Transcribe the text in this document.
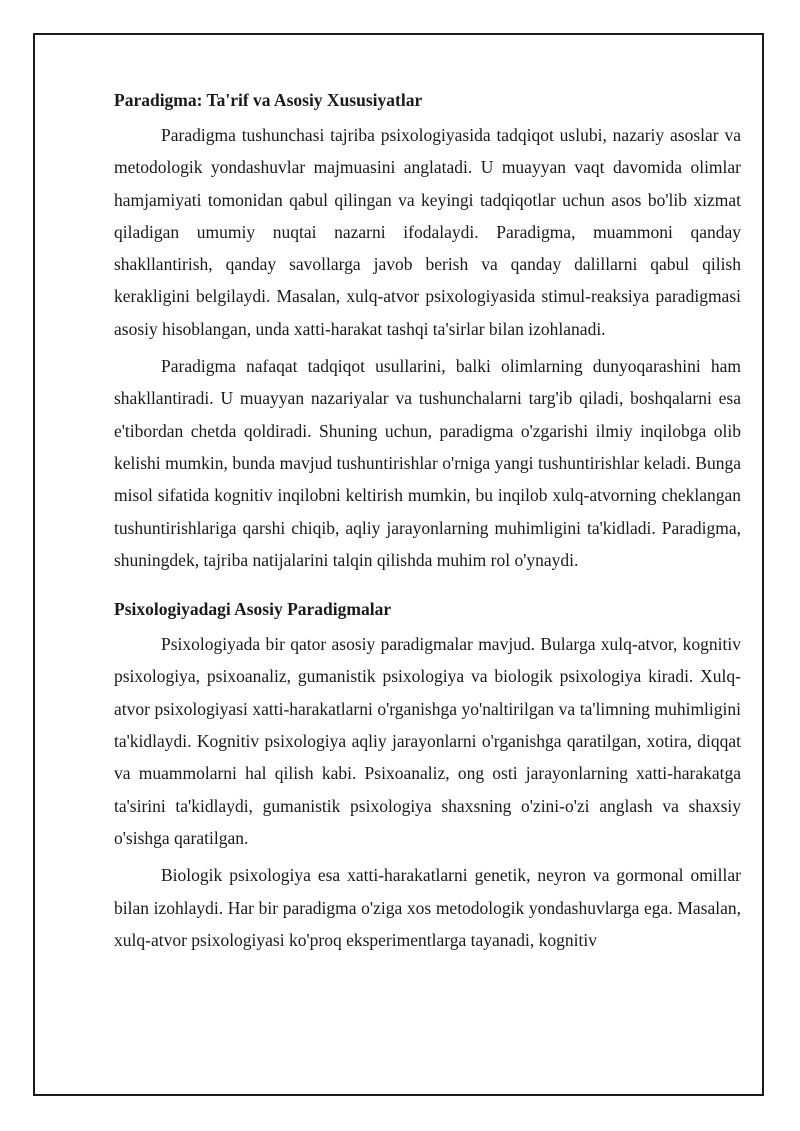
Paradigma: Ta'rif va Asosiy Xususiyatlar

Paradigma tushunchasi tajriba psixologiyasida tadqiqot uslubi, nazariy asoslar va metodologik yondashuvlar majmuasini anglatadi. U muayyan vaqt davomida olimlar hamjamiyati tomonidan qabul qilingan va keyingi tadqiqotlar uchun asos bo'lib xizmat qiladigan umumiy nuqtai nazarni ifodalaydi. Paradigma, muammoni qanday shakllantirish, qanday savollarga javob berish va qanday dalillarni qabul qilish kerakligini belgilaydi. Masalan, xulq-atvor psixologiyasida stimul-reaksiya paradigmasi asosiy hisoblangan, unda xatti-harakat tashqi ta'sirlar bilan izohlanadi.

Paradigma nafaqat tadqiqot usullarini, balki olimlarning dunyoqarashini ham shakllantiradi. U muayyan nazariyalar va tushunchalarni targ'ib qiladi, boshqalarni esa e'tibordan chetda qoldiradi. Shuning uchun, paradigma o'zgarishi ilmiy inqilobga olib kelishi mumkin, bunda mavjud tushuntirishlar o'rniga yangi tushuntirishlar keladi. Bunga misol sifatida kognitiv inqilobni keltirish mumkin, bu inqilob xulq-atvorning cheklangan tushuntirishlariga qarshi chiqib, aqliy jarayonlarning muhimligini ta'kidladi. Paradigma, shuningdek, tajriba natijalarini talqin qilishda muhim rol o'ynaydi.

Psixologiyadagi Asosiy Paradigmalar

Psixologiyada bir qator asosiy paradigmalar mavjud. Bularga xulq-atvor, kognitiv psixologiya, psixoanaliz, gumanistik psixologiya va biologik psixologiya kiradi. Xulq-atvor psixologiyasi xatti-harakatlarni o'rganishga yo'naltirilgan va ta'limning muhimligini ta'kidlaydi. Kognitiv psixologiya aqliy jarayonlarni o'rganishga qaratilgan, xotira, diqqat va muammolarni hal qilish kabi. Psixoanaliz, ong osti jarayonlarning xatti-harakatga ta'sirini ta'kidlaydi, gumanistik psixologiya shaxsning o'zini-o'zi anglash va shaxsiy o'sishga qaratilgan.

Biologik psixologiya esa xatti-harakatlarni genetik, neyron va gormonal omillar bilan izohlaydi. Har bir paradigma o'ziga xos metodologik yondashuvlarga ega. Masalan, xulq-atvor psixologiyasi ko'proq eksperimentlarga tayanadi, kognitiv
